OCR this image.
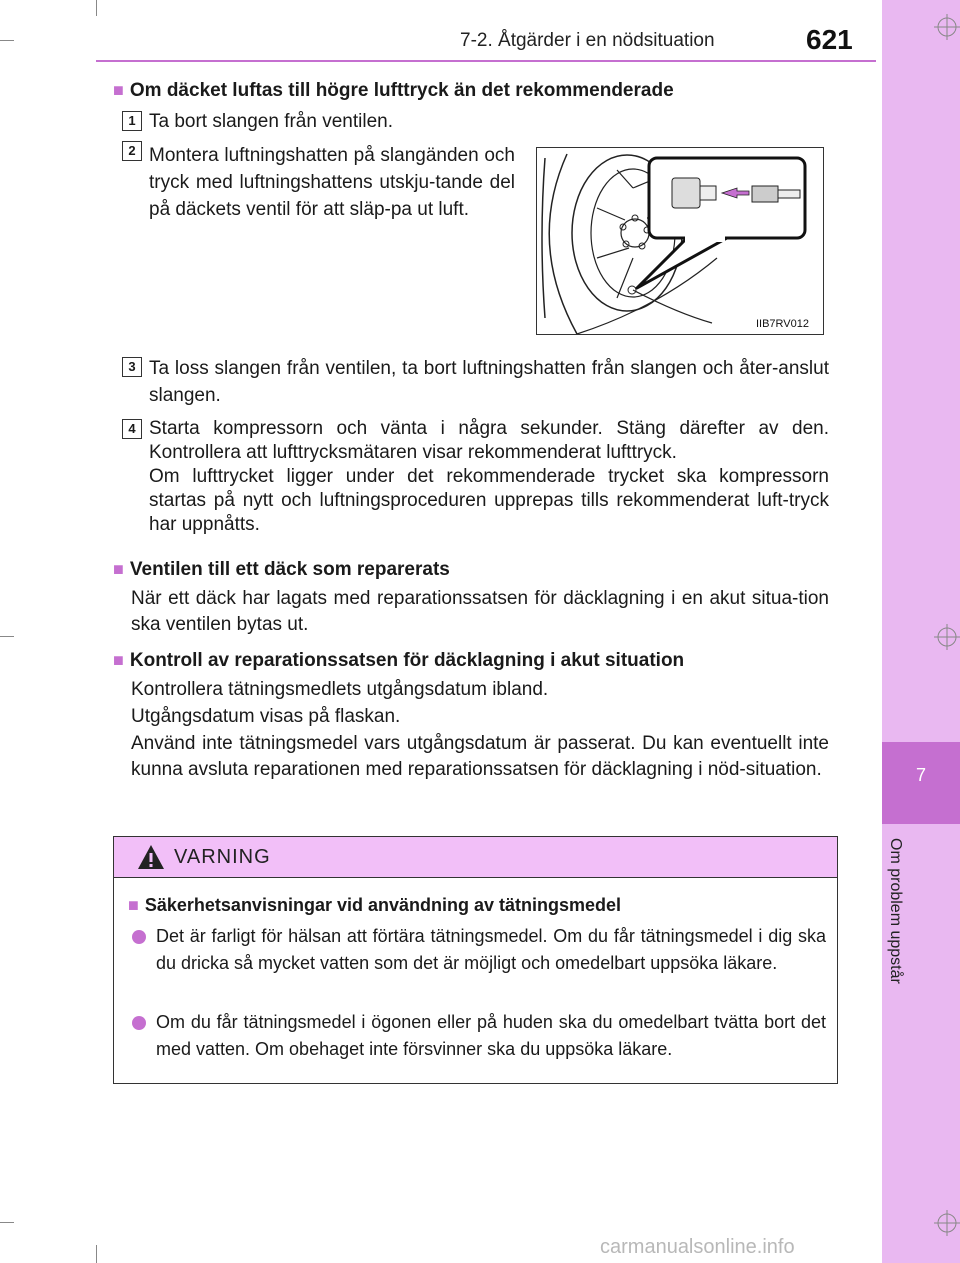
7
Om problem uppstår
7-2. Åtgärder i en nödsituation	621
■ Om däcket luftas till högre lufttryck än det rekommenderade
1 Ta bort slangen från ventilen.
2 Montera luftningshatten på slangänden och tryck med luftningshattens utskju-tande del på däckets ventil för att släp-pa ut luft.
IIB7RV012
3 Ta loss slangen från ventilen, ta bort luftningshatten från slangen och åter-anslut slangen.
4 Starta kompressorn och vänta i några sekunder. Stäng därefter av den. Kontrollera att lufttrycksmätaren visar rekommenderat lufttryck.
Om lufttrycket ligger under det rekommenderade trycket ska kompressorn startas på nytt och luftningsproceduren upprepas tills rekommenderat luft-tryck har uppnåtts.
■ Ventilen till ett däck som reparerats
När ett däck har lagats med reparationssatsen för däcklagning i en akut situa-tion ska ventilen bytas ut.
■ Kontroll av reparationssatsen för däcklagning i akut situation
Kontrollera tätningsmedlets utgångsdatum ibland.
Utgångsdatum visas på flaskan.
Använd inte tätningsmedel vars utgångsdatum är passerat. Du kan eventuellt inte kunna avsluta reparationen med reparationssatsen för däcklagning i nöd-situation.
VARNING
■ Säkerhetsanvisningar vid användning av tätningsmedel
Det är farligt för hälsan att förtära tätningsmedel. Om du får tätningsmedel i dig ska du dricka så mycket vatten som det är möjligt och omedelbart uppsöka läkare.
Om du får tätningsmedel i ögonen eller på huden ska du omedelbart tvätta bort det med vatten. Om obehaget inte försvinner ska du uppsöka läkare.
carmanualsonline.info
